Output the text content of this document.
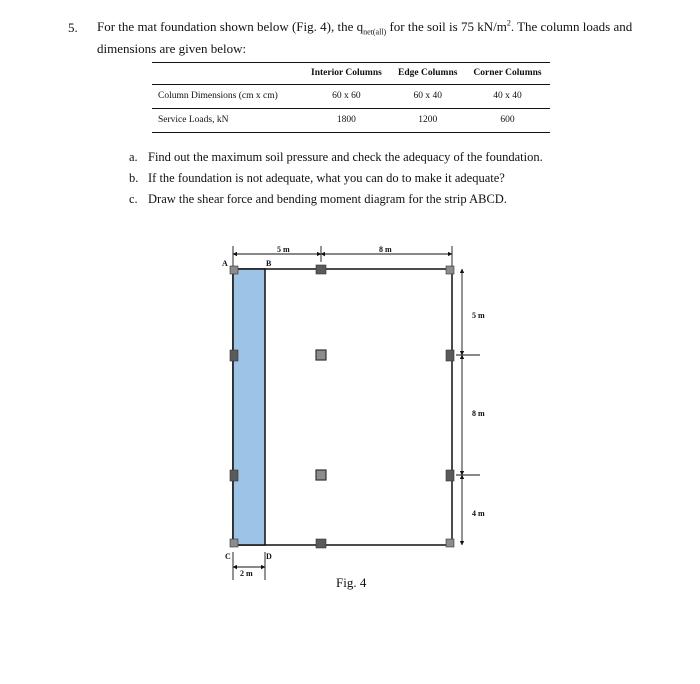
5. For the mat foundation shown below (Fig. 4), the $q_{net(all)}$ for the soil is 75 $kN/m^2$. The column loads and dimensions are given below:
	Interior Columns	Edge Columns	Corner Columns
Column Dimensions (cm x cm)	60 x 60	60 x 40	40 x 40
Service Loads, kN	1800	1200	600
a. Find out the maximum soil pressure and check the adequacy of the foundation.
b. If the foundation is not adequate, what you can do to make it adequate?
c. Draw the shear force and bending moment diagram for the strip ABCD.
5 m	8 m
5 m
8 m
4 m
2 m
A	B
C	D
Fig. 4
